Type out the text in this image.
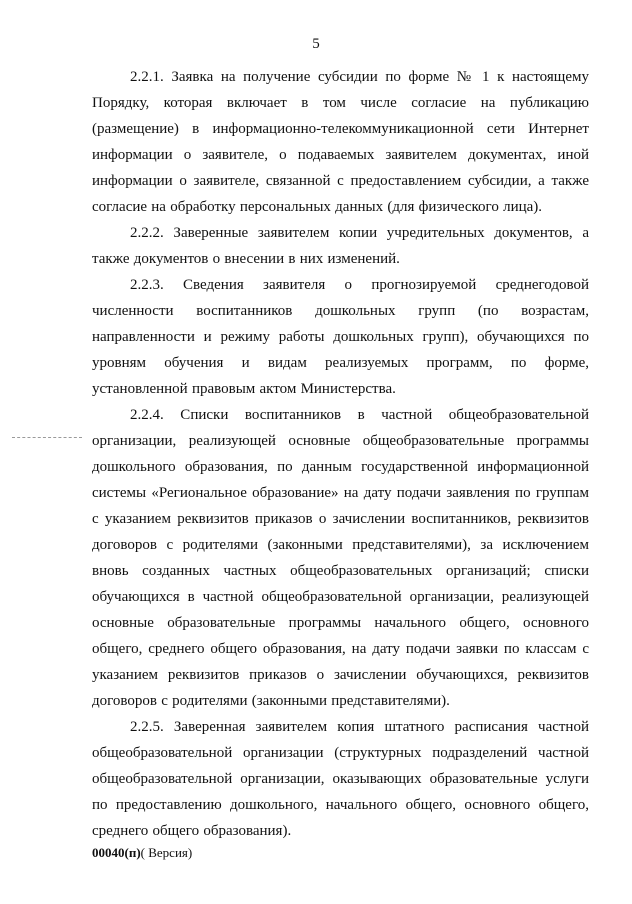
5

2.2.1. Заявка на получение субсидии по форме № 1 к настоящему Порядку, которая включает в том числе согласие на публикацию (размещение) в информационно-телекоммуникационной сети Интернет информации о заявителе, о подаваемых заявителем документах, иной информации о заявителе, связанной с предоставлением субсидии, а также согласие на обработку персональных данных (для физического лица).

2.2.2. Заверенные заявителем копии учредительных документов, а также документов о внесении в них изменений.

2.2.3. Сведения заявителя о прогнозируемой среднегодовой численности воспитанников дошкольных групп (по возрастам, направленности и режиму работы дошкольных групп), обучающихся по уровням обучения и видам реализуемых программ, по форме, установленной правовым актом Министерства.

2.2.4. Списки воспитанников в частной общеобразовательной организации, реализующей основные общеобразовательные программы дошкольного образования, по данным государственной информационной системы «Региональное образование» на дату подачи заявления по группам с указанием реквизитов приказов о зачислении воспитанников, реквизитов договоров с родителями (законными представителями), за исключением вновь созданных частных общеобразовательных организаций; списки обучающихся в частной общеобразовательной организации, реализующей основные образовательные программы начального общего, основного общего, среднего общего образования, на дату подачи заявки по классам с указанием реквизитов приказов о зачислении обучающихся, реквизитов договоров с родителями (законными представителями).

2.2.5. Заверенная заявителем копия штатного расписания частной общеобразовательной организации (структурных подразделений частной общеобразовательной организации, оказывающих образовательные услуги по предоставлению дошкольного, начального общего, основного общего, среднего общего образования).

00040(п)( Версия)
